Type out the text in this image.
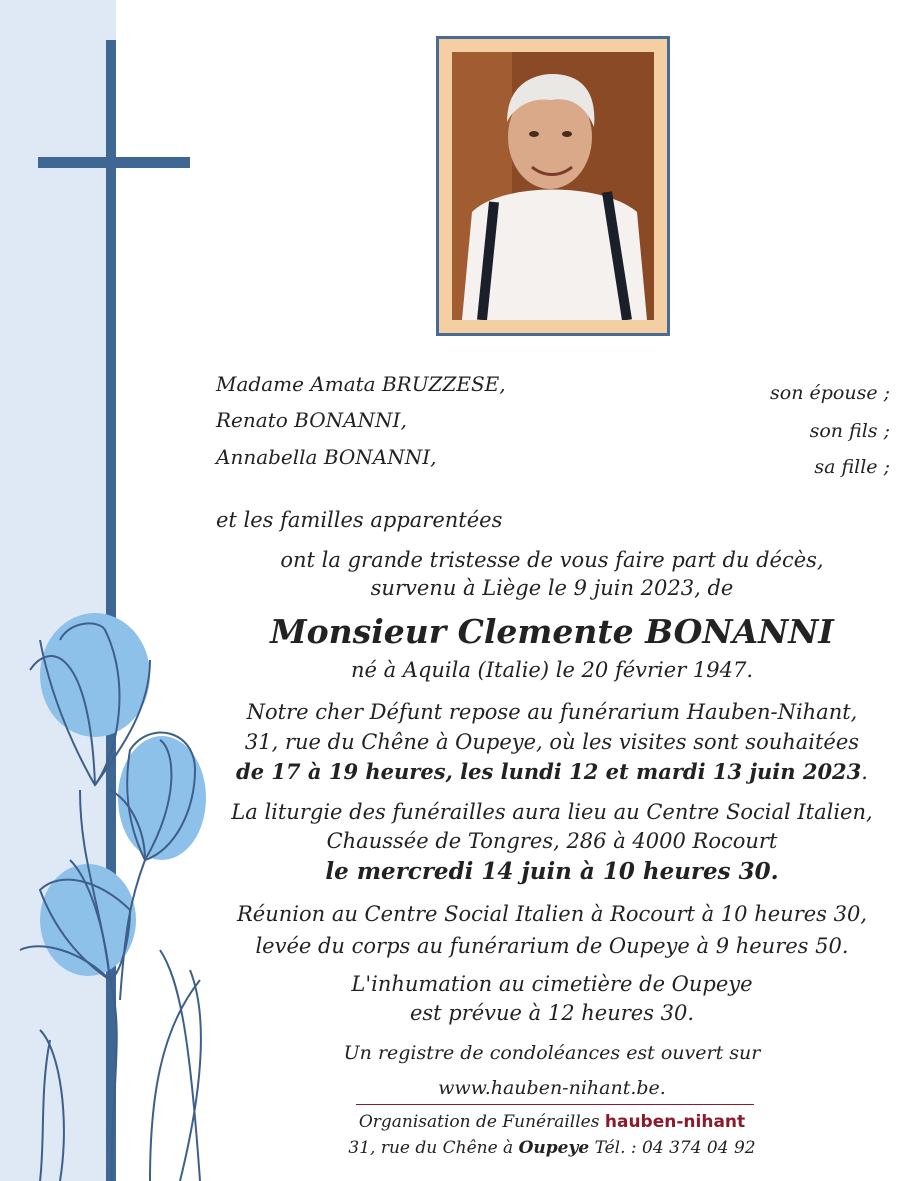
Madame Amata BRUZZESE,
Renato BONANNI,
Annabella BONANNI,
son épouse ;
son fils ;
sa fille ;
et les familles apparentées
ont la grande tristesse de vous faire part du décès,
survenu à Liège le 9 juin 2023, de
Monsieur Clemente BONANNI
né à Aquila (Italie) le 20 février 1947.
Notre cher Défunt repose au funérarium Hauben-Nihant,
31, rue du Chêne à Oupeye, où les visites sont souhaitées
de 17 à 19 heures, les lundi 12 et mardi 13 juin 2023.
La liturgie des funérailles aura lieu au Centre Social Italien,
Chaussée de Tongres, 286 à 4000 Rocourt
le mercredi 14 juin à 10 heures 30.
Réunion au Centre Social Italien à Rocourt à 10 heures 30,
levée du corps au funérarium de Oupeye à 9 heures 50.
L'inhumation au cimetière de Oupeye
est prévue à 12 heures 30.
Un registre de condoléances est ouvert sur
www.hauben-nihant.be.
Organisation de Funérailles hauben-nihant
31, rue du Chêne à Oupeye Tél. : 04 374 04 92
